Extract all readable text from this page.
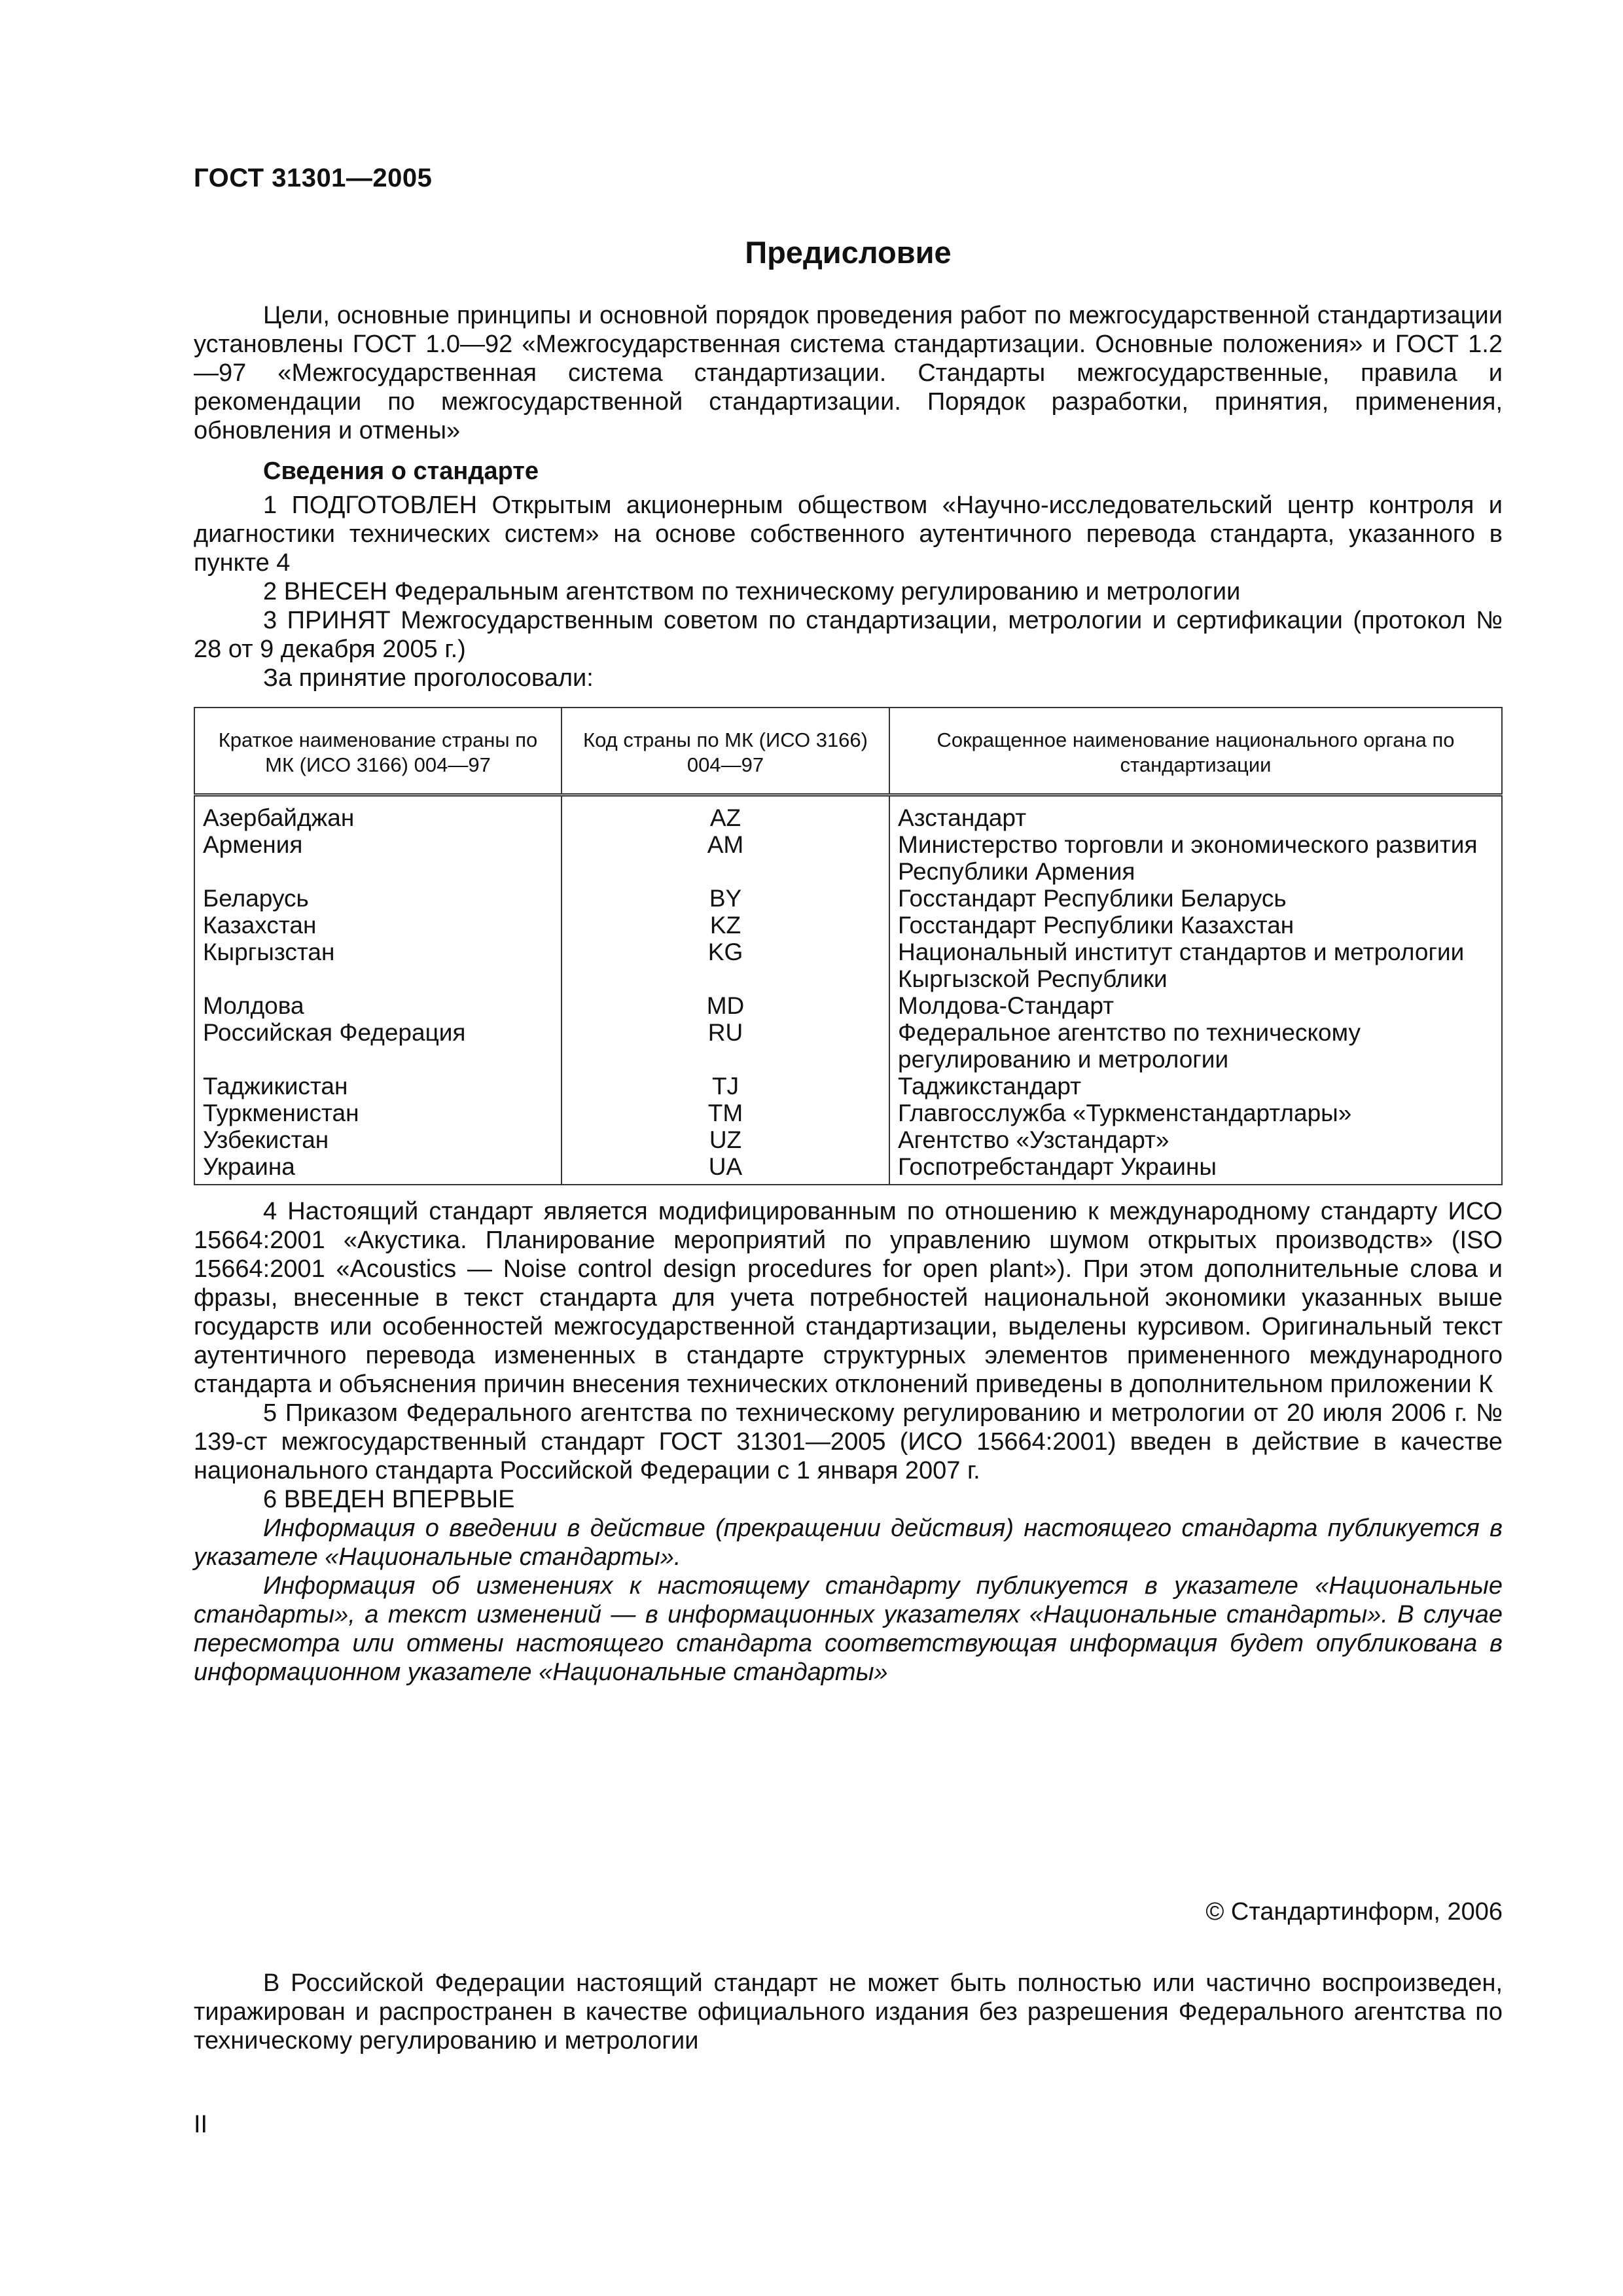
ГОСТ 31301—2005
Предисловие

Цели, основные принципы и основной порядок проведения работ по межгосударственной стандартизации установлены ГОСТ 1.0—92 «Межгосударственная система стандартизации. Основные положения» и ГОСТ 1.2—97 «Межгосударственная система стандартизации. Стандарты межгосударственные, правила и рекомендации по межгосударственной стандартизации. Порядок разработки, принятия, применения, обновления и отмены»

Сведения о стандарте

1 ПОДГОТОВЛЕН Открытым акционерным обществом «Научно-исследовательский центр контроля и диагностики технических систем» на основе собственного аутентичного перевода стандарта, указанного в пункте 4

2 ВНЕСЕН Федеральным агентством по техническому регулированию и метрологии

3 ПРИНЯТ Межгосударственным советом по стандартизации, метрологии и сертификации (протокол № 28 от 9 декабря 2005 г.)

За принятие проголосовали:

Краткое наименование страны по МК (ИСО 3166) 004—97	Код страны по МК (ИСО 3166) 004—97	Сокращенное наименование национального органа по стандартизации
Азербайджан	AZ	Азстандарт
Армения	AM	Министерство торговли и экономического развития Республики Армения
Беларусь	BY	Госстандарт Республики Беларусь
Казахстан	KZ	Госстандарт Республики Казахстан
Кыргызстан	KG	Национальный институт стандартов и метрологии Кыргызской Республики
Молдова	MD	Молдова-Стандарт
Российская Федерация	RU	Федеральное агентство по техническому регулированию и метрологии
Таджикистан	TJ	Таджикстандарт
Туркменистан	TM	Главгосслужба «Туркменстандартлары»
Узбекистан	UZ	Агентство «Узстандарт»
Украина	UA	Госпотребстандарт Украины

4 Настоящий стандарт является модифицированным по отношению к международному стандарту ИСО 15664:2001 «Акустика. Планирование мероприятий по управлению шумом открытых производств» (ISO 15664:2001 «Acoustics — Noise control design procedures for open plant»). При этом дополнительные слова и фразы, внесенные в текст стандарта для учета потребностей национальной экономики указанных выше государств или особенностей межгосударственной стандартизации, выделены курсивом. Оригинальный текст аутентичного перевода измененных в стандарте структурных элементов примененного международного стандарта и объяснения причин внесения технических отклонений приведены в дополнительном приложении К

5 Приказом Федерального агентства по техническому регулированию и метрологии от 20 июля 2006 г. № 139-ст межгосударственный стандарт ГОСТ 31301—2005 (ИСО 15664:2001) введен в действие в качестве национального стандарта Российской Федерации с 1 января 2007 г.

6 ВВЕДЕН ВПЕРВЫЕ

Информация о введении в действие (прекращении действия) настоящего стандарта публикуется в указателе «Национальные стандарты».

Информация об изменениях к настоящему стандарту публикуется в указателе «Национальные стандарты», а текст изменений — в информационных указателях «Национальные стандарты». В случае пересмотра или отмены настоящего стандарта соответствующая информация будет опубликована в информационном указателе «Национальные стандарты»

© Стандартинформ, 2006

В Российской Федерации настоящий стандарт не может быть полностью или частично воспроизведен, тиражирован и распространен в качестве официального издания без разрешения Федерального агентства по техническому регулированию и метрологии

II
